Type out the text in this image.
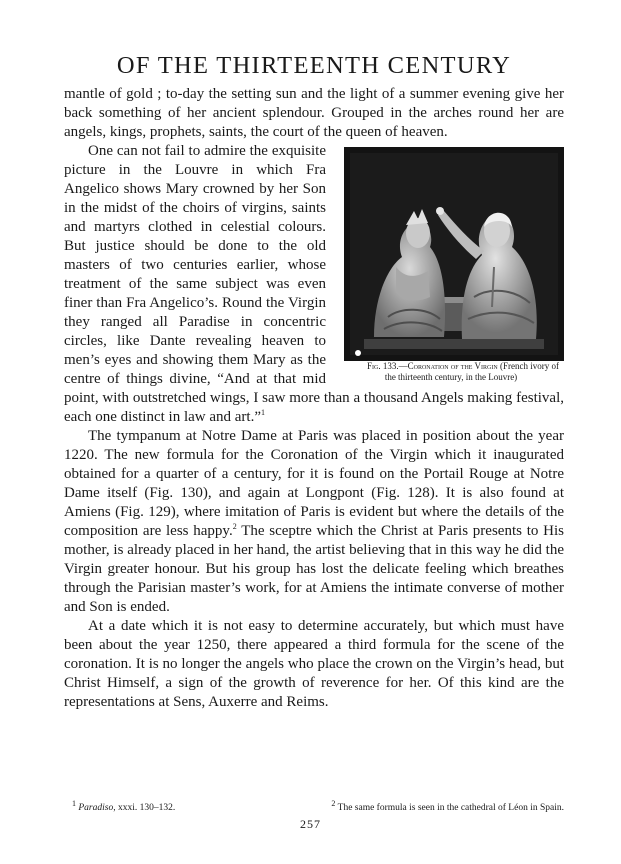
OF THE THIRTEENTH CENTURY

mantle of gold ; to-day the setting sun and the light of a summer evening give her back something of her ancient splendour. Grouped in the arches round her are angels, kings, prophets, saints, the court of the queen of heaven.

Fig. 133.—Coronation of the Virgin (French ivory of the thirteenth century, in the Louvre)

One can not fail to admire the exquisite picture in the Louvre in which Fra Angelico shows Mary crowned by her Son in the midst of the choirs of virgins, saints and martyrs clothed in celestial colours. But justice should be done to the old masters of two centuries earlier, whose treatment of the same subject was even finer than Fra Angelico’s. Round the Virgin they ranged all Paradise in concentric circles, like Dante revealing heaven to men’s eyes and showing them Mary as the centre of things divine, “And at that mid point, with outstretched wings, I saw more than a thousand Angels making festival, each one distinct in law and art.”$^1$

The tympanum at Notre Dame at Paris was placed in position about the year 1220. The new formula for the Coronation of the Virgin which it inaugurated obtained for a quarter of a century, for it is found on the Portail Rouge at Notre Dame itself (Fig. 130), and again at Longpont (Fig. 128). It is also found at Amiens (Fig. 129), where imitation of Paris is evident but where the details of the composition are less happy.$^2$ The sceptre which the Christ at Paris presents to His mother, is already placed in her hand, the artist believing that in this way he did the Virgin greater honour. But his group has lost the delicate feeling which breathes through the Parisian master’s work, for at Amiens the intimate converse of mother and Son is ended.

At a date which it is not easy to determine accurately, but which must have been about the year 1250, there appeared a third formula for the scene of the coronation. It is no longer the angels who place the crown on the Virgin’s head, but Christ Himself, a sign of the growth of reverence for her. Of this kind are the representations at Sens, Auxerre and Reims.

$^1$ Paradiso, xxxi. 130–132.	$^2$ The same formula is seen in the cathedral of Léon in Spain.
257
